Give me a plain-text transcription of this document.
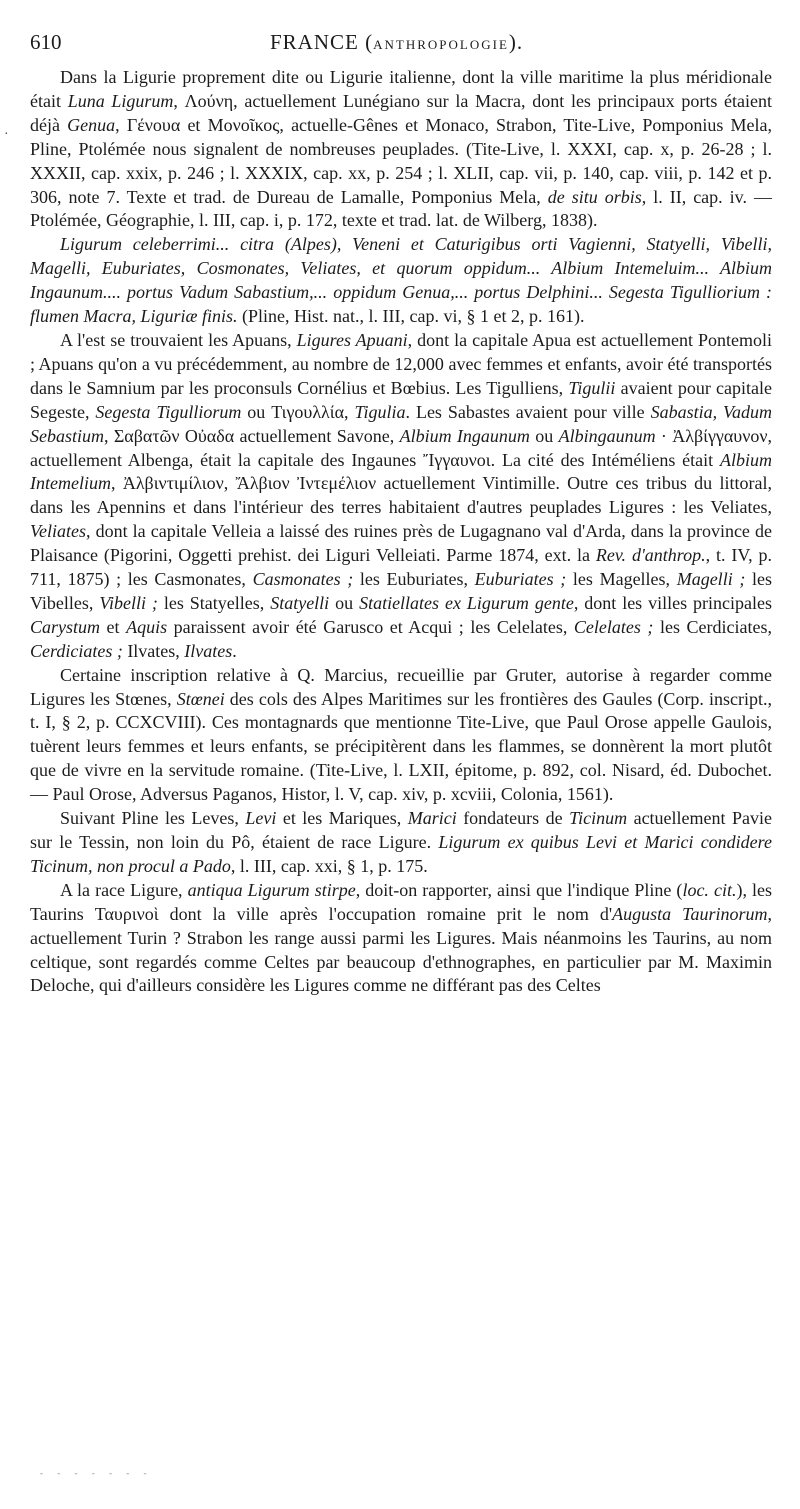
·
610	FRANCE (ANTHROPOLOGIE).

Dans la Ligurie proprement dite ou Ligurie italienne, dont la ville maritime la plus méridionale était Luna Ligurum, Λούνη, actuellement Lunégiano sur la Macra, dont les principaux ports étaient déjà Genua, Γένουα et Μονοῖκος, actuelle-Gênes et Monaco, Strabon, Tite-Live, Pomponius Mela, Pline, Ptolémée nous signalent de nombreuses peuplades. (Tite-Live, l. XXXI, cap. x, p. 26-28 ; l. XXXII, cap. xxix, p. 246 ; l. XXXIX, cap. xx, p. 254 ; l. XLII, cap. vii, p. 140, cap. viii, p. 142 et p. 306, note 7. Texte et trad. de Dureau de Lamalle, Pomponius Mela, de situ orbis, l. II, cap. iv. — Ptolémée, Géographie, l. III, cap. i, p. 172, texte et trad. lat. de Wilberg, 1838).

Ligurum celeberrimi... citra (Alpes), Veneni et Caturigibus orti Vagienni, Statyelli, Vibelli, Magelli, Euburiates, Cosmonates, Veliates, et quorum oppidum... Albium Intemeluim... Albium Ingaunum.... portus Vadum Sabastium,... oppidum Genua,... portus Delphini... Segesta Tigulliorium : flumen Macra, Liguriæ finis. (Pline, Hist. nat., l. III, cap. vi, § 1 et 2, p. 161).

A l'est se trouvaient les Apuans, Ligures Apuani, dont la capitale Apua est actuellement Pontemoli ; Apuans qu'on a vu précédemment, au nombre de 12,000 avec femmes et enfants, avoir été transportés dans le Samnium par les proconsuls Cornélius et Bœbius. Les Tigulliens, Tigulii avaient pour capitale Segeste, Segesta Tigulliorum ou Τιγουλλία, Tigulia. Les Sabastes avaient pour ville Sabastia, Vadum Sebastium, Σαβατῶν Οὐαδα actuellement Savone, Albium Ingaunum ou Albingaunum · Ἀλβίγγαυνον, actuellement Albenga, était la capitale des Ingaunes Ἴγγαυνοι. La cité des Intéméliens était Albium Intemelium, Ἀλβιντιμίλιον, Ἄλβιον Ἰντεμέλιον actuellement Vintimille. Outre ces tribus du littoral, dans les Apennins et dans l'intérieur des terres habitaient d'autres peuplades Ligures : les Veliates, Veliates, dont la capitale Velleia a laissé des ruines près de Lugagnano val d'Arda, dans la province de Plaisance (Pigorini, Oggetti prehist. dei Liguri Velleiati. Parme 1874, ext. la Rev. d'anthrop., t. IV, p. 711, 1875) ; les Casmonates, Casmonates ; les Euburiates, Euburiates ; les Magelles, Magelli ; les Vibelles, Vibelli ; les Statyelles, Statyelli ou Statiellates ex Ligurum gente, dont les villes principales Carystum et Aquis paraissent avoir été Garusco et Acqui ; les Celelates, Celelates ; les Cerdiciates, Cerdiciates ; Ilvates, Ilvates.

Certaine inscription relative à Q. Marcius, recueillie par Gruter, autorise à regarder comme Ligures les Stœnes, Stœnei des cols des Alpes Maritimes sur les frontières des Gaules (Corp. inscript., t. I, § 2, p. CCXCVIII). Ces montagnards que mentionne Tite-Live, que Paul Orose appelle Gaulois, tuèrent leurs femmes et leurs enfants, se précipitèrent dans les flammes, se donnèrent la mort plutôt que de vivre en la servitude romaine. (Tite-Live, l. LXII, épitome, p. 892, col. Nisard, éd. Dubochet. — Paul Orose, Adversus Paganos, Histor, l. V, cap. xiv, p. xcviii, Colonia, 1561).

Suivant Pline les Leves, Levi et les Mariques, Marici fondateurs de Ticinum actuellement Pavie sur le Tessin, non loin du Pô, étaient de race Ligure. Ligurum ex quibus Levi et Marici condidere Ticinum, non procul a Pado, l. III, cap. xxi, § 1, p. 175.

A la race Ligure, antiqua Ligurum stirpe, doit-on rapporter, ainsi que l'indique Pline (loc. cit.), les Taurins Ταυρινοὶ dont la ville après l'occupation romaine prit le nom d'Augusta Taurinorum, actuellement Turin ? Strabon les range aussi parmi les Ligures. Mais néanmoins les Taurins, au nom celtique, sont regardés comme Celtes par beaucoup d'ethnographes, en particulier par M. Maximin Deloche, qui d'ailleurs considère les Ligures comme ne différant pas des Celtes

- - - - - - -
